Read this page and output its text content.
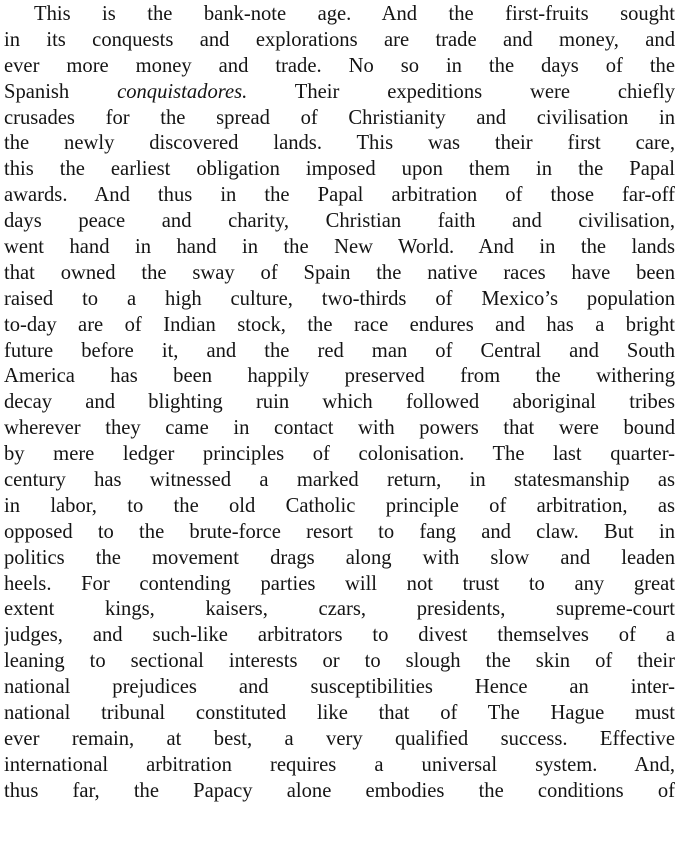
This is the bank-note age. And the first-fruits sought
in its conquests and explorations are trade and money, and
ever more money and trade. No so in the days of the
Spanish conquistadores. Their expeditions were chiefly
crusades for the spread of Christianity and civilisation in
the newly discovered lands. This was their first care,
this the earliest obligation imposed upon them in the Papal
awards. And thus in the Papal arbitration of those far-off
days peace and charity, Christian faith and civilisation,
went hand in hand in the New World. And in the lands
that owned the sway of Spain the native races have been
raised to a high culture, two-thirds of Mexico’s population
to-day are of Indian stock, the race endures and has a bright
future before it, and the red man of Central and South
America has been happily preserved from the withering
decay and blighting ruin which followed aboriginal tribes
wherever they came in contact with powers that were bound
by mere ledger principles of colonisation. The last quarter-
century has witnessed a marked return, in statesmanship as
in labor, to the old Catholic principle of arbitration, as
opposed to the brute-force resort to fang and claw. But in
politics the movement drags along with slow and leaden
heels. For contending parties will not trust to any great
extent kings, kaisers, czars, presidents, supreme-court
judges, and such-like arbitrators to divest themselves of a
leaning to sectional interests or to slough the skin of their
national prejudices and susceptibilities Hence an inter-
national tribunal constituted like that of The Hague must
ever remain, at best, a very qualified success. Effective
international arbitration requires a universal system. And,
thus far, the Papacy alone embodies the conditions of
